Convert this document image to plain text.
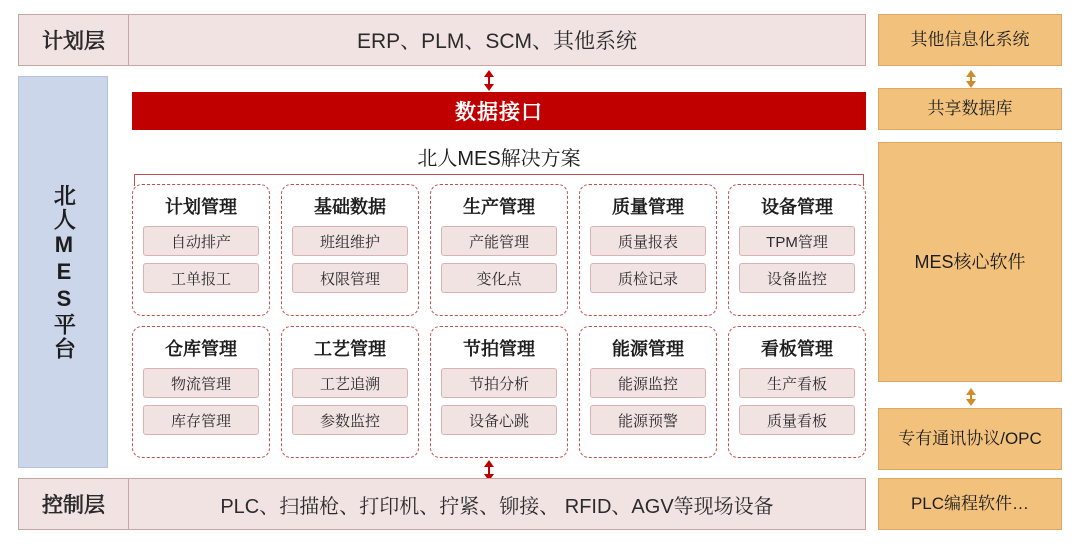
计划层	ERP、PLM、SCM、其他系统
北人MES平台
数据接口
北人MES解决方案
计划管理
自动排产
工单报工
基础数据
班组维护
权限管理
生产管理
产能管理
变化点
质量管理
质量报表
质检记录
设备管理
TPM管理
设备监控
仓库管理
物流管理
库存管理
工艺管理
工艺追溯
参数监控
节拍管理
节拍分析
设备心跳
能源管理
能源监控
能源预警
看板管理
生产看板
质量看板
控制层	PLC、扫描枪、打印机、拧紧、铆接、 RFID、AGV等现场设备
其他信息化系统
共享数据库
MES核心软件
专有通讯协议/OPC
PLC编程软件…
